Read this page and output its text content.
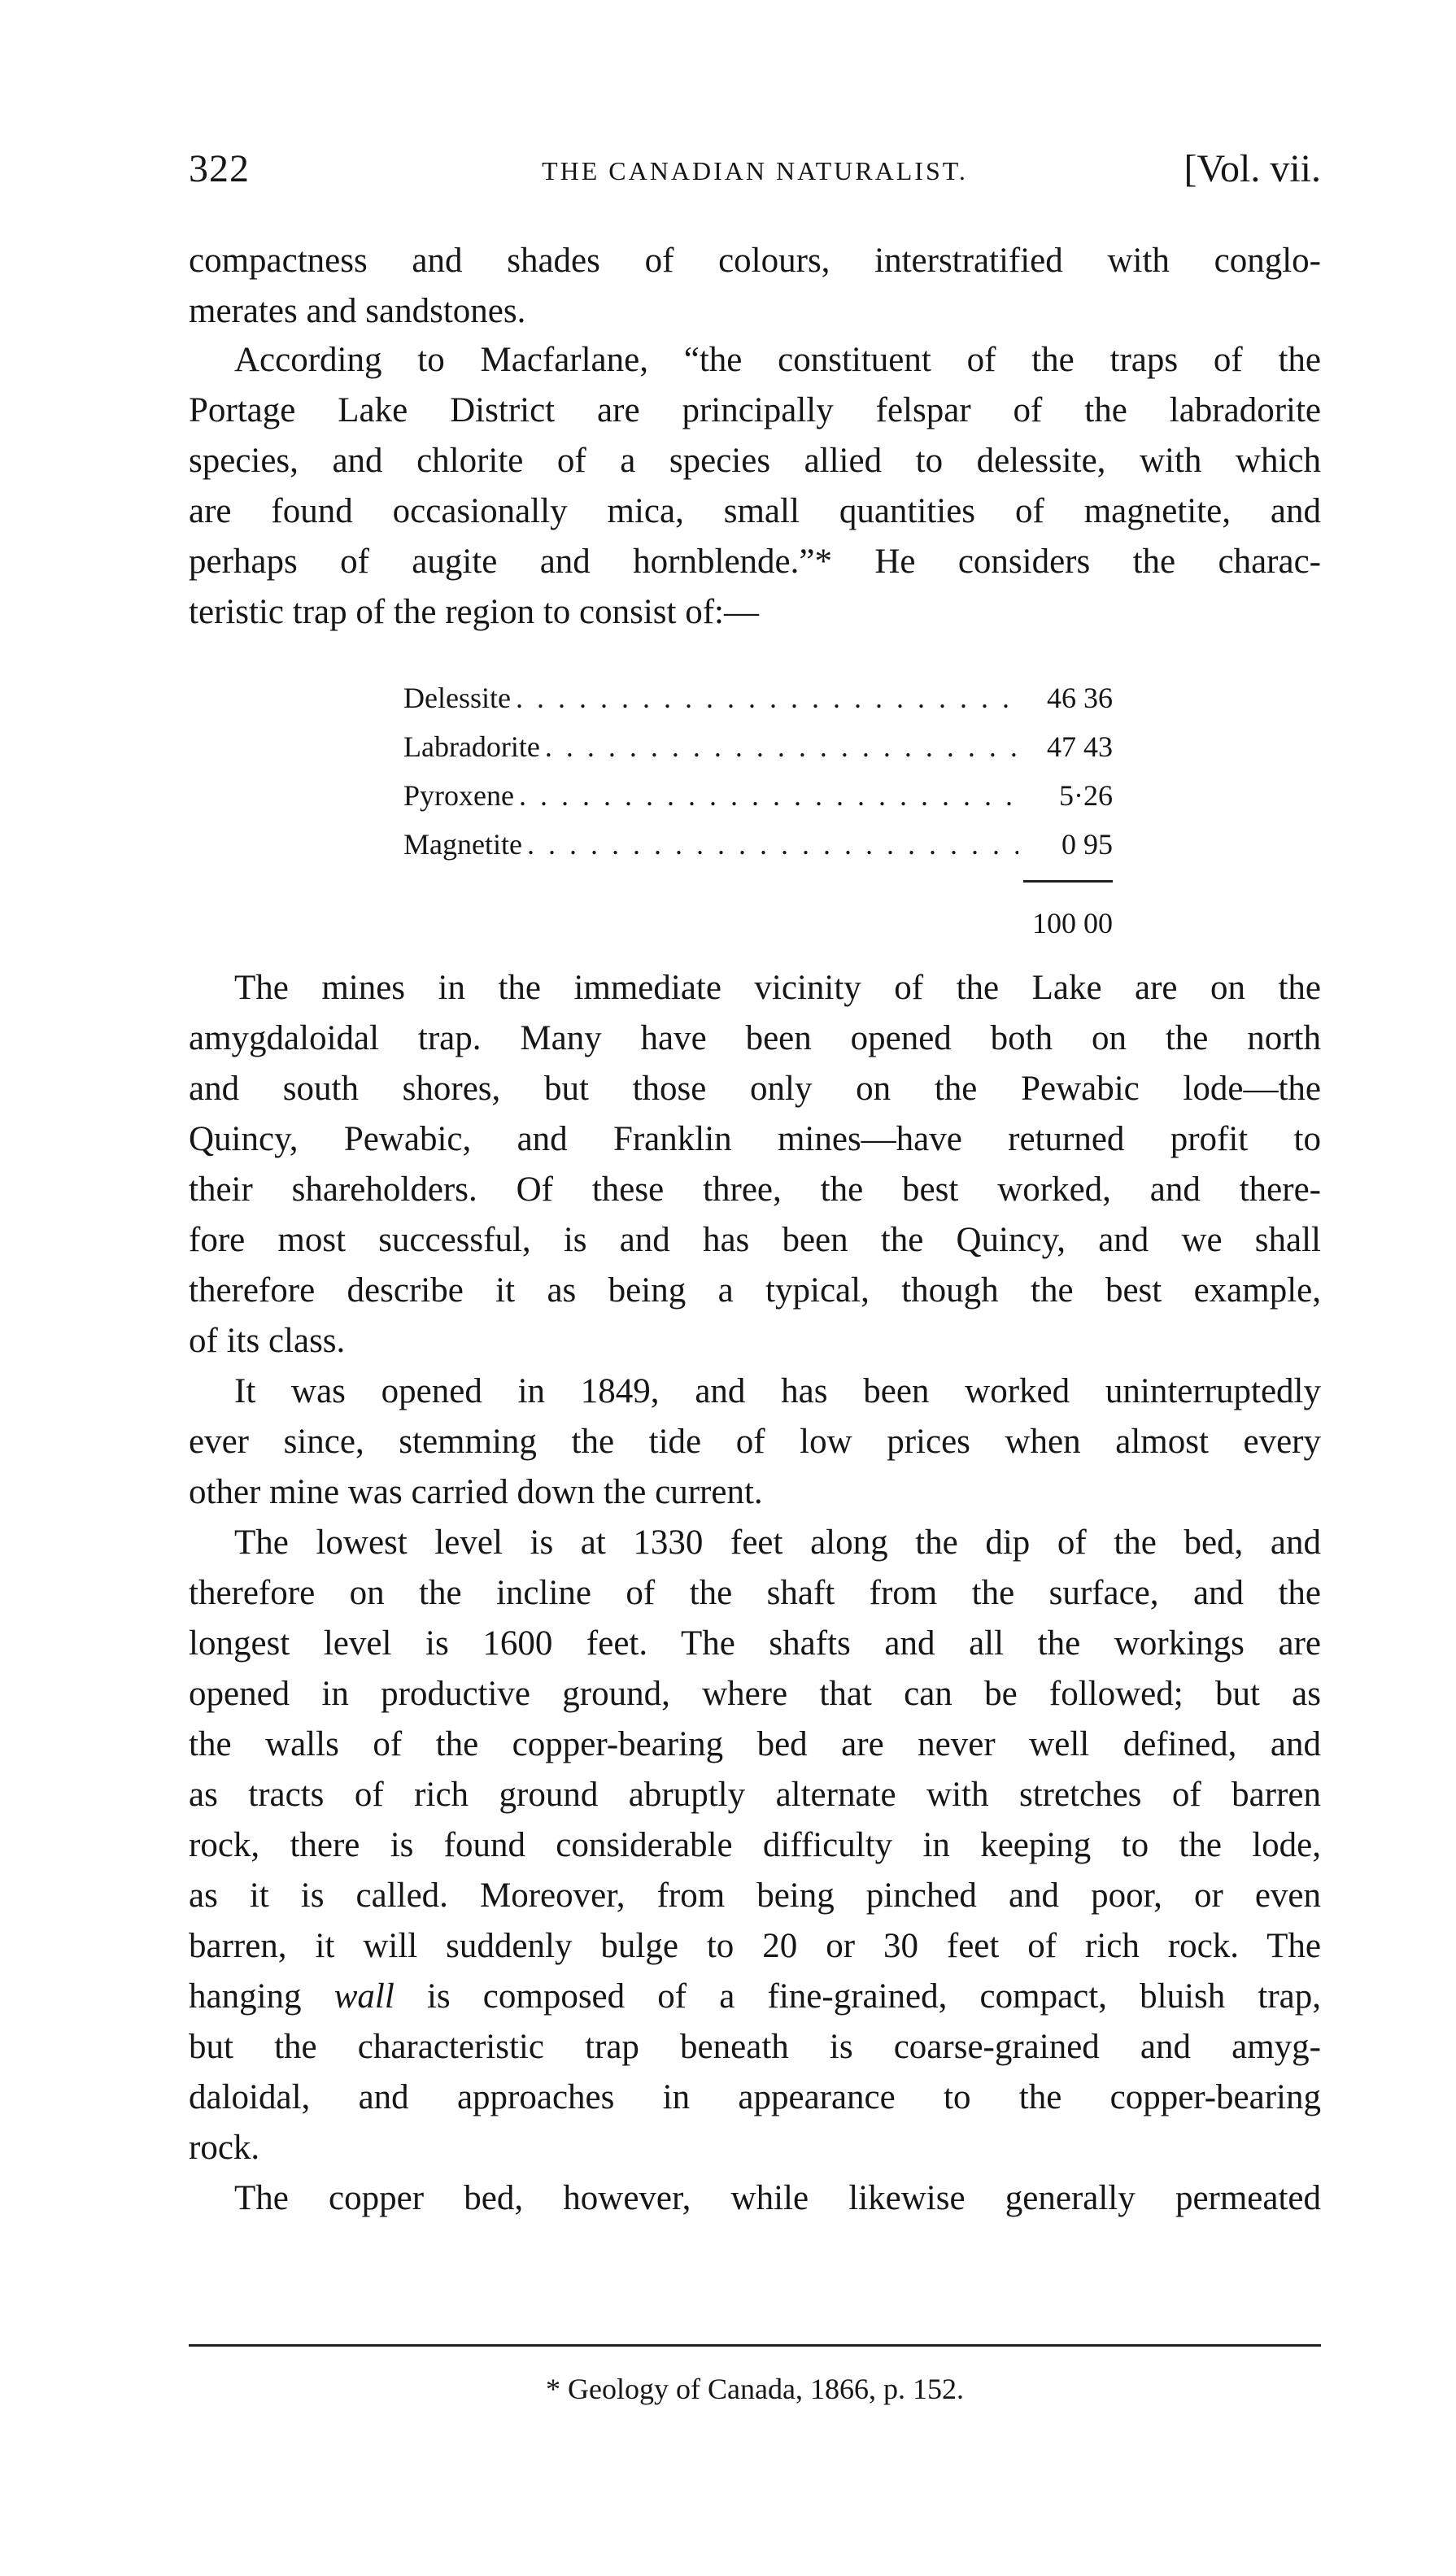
322	THE CANADIAN NATURALIST.	[Vol. vii.
compactness and shades of colours, interstratified with conglo-
merates and sandstones.
According to Macfarlane, “the constituent of the traps of the
Portage Lake District are principally felspar of the labradorite
species, and chlorite of a species allied to delessite, with which
are found occasionally mica, small quantities of magnetite, and
perhaps of augite and hornblende.”* He considers the charac-
teristic trap of the region to consist of:—
Delessite . . .	46 36
Labradorite . . .	47 43
Pyroxene . . .	5·26
Magnetite . . .	0 95
100 00
The mines in the immediate vicinity of the Lake are on the
amygdaloidal trap. Many have been opened both on the north
and south shores, but those only on the Pewabic lode—the
Quincy, Pewabic, and Franklin mines—have returned profit to
their shareholders. Of these three, the best worked, and there-
fore most successful, is and has been the Quincy, and we shall
therefore describe it as being a typical, though the best example,
of its class.
It was opened in 1849, and has been worked uninterruptedly
ever since, stemming the tide of low prices when almost every
other mine was carried down the current.
The lowest level is at 1330 feet along the dip of the bed, and
therefore on the incline of the shaft from the surface, and the
longest level is 1600 feet. The shafts and all the workings are
opened in productive ground, where that can be followed; but as
the walls of the copper-bearing bed are never well defined, and
as tracts of rich ground abruptly alternate with stretches of barren
rock, there is found considerable difficulty in keeping to the lode,
as it is called. Moreover, from being pinched and poor, or even
barren, it will suddenly bulge to 20 or 30 feet of rich rock. The
hanging wall is composed of a fine-grained, compact, bluish trap,
but the characteristic trap beneath is coarse-grained and amyg-
daloidal, and approaches in appearance to the copper-bearing
rock.
The copper bed, however, while likewise generally permeated
* Geology of Canada, 1866, p. 152.
